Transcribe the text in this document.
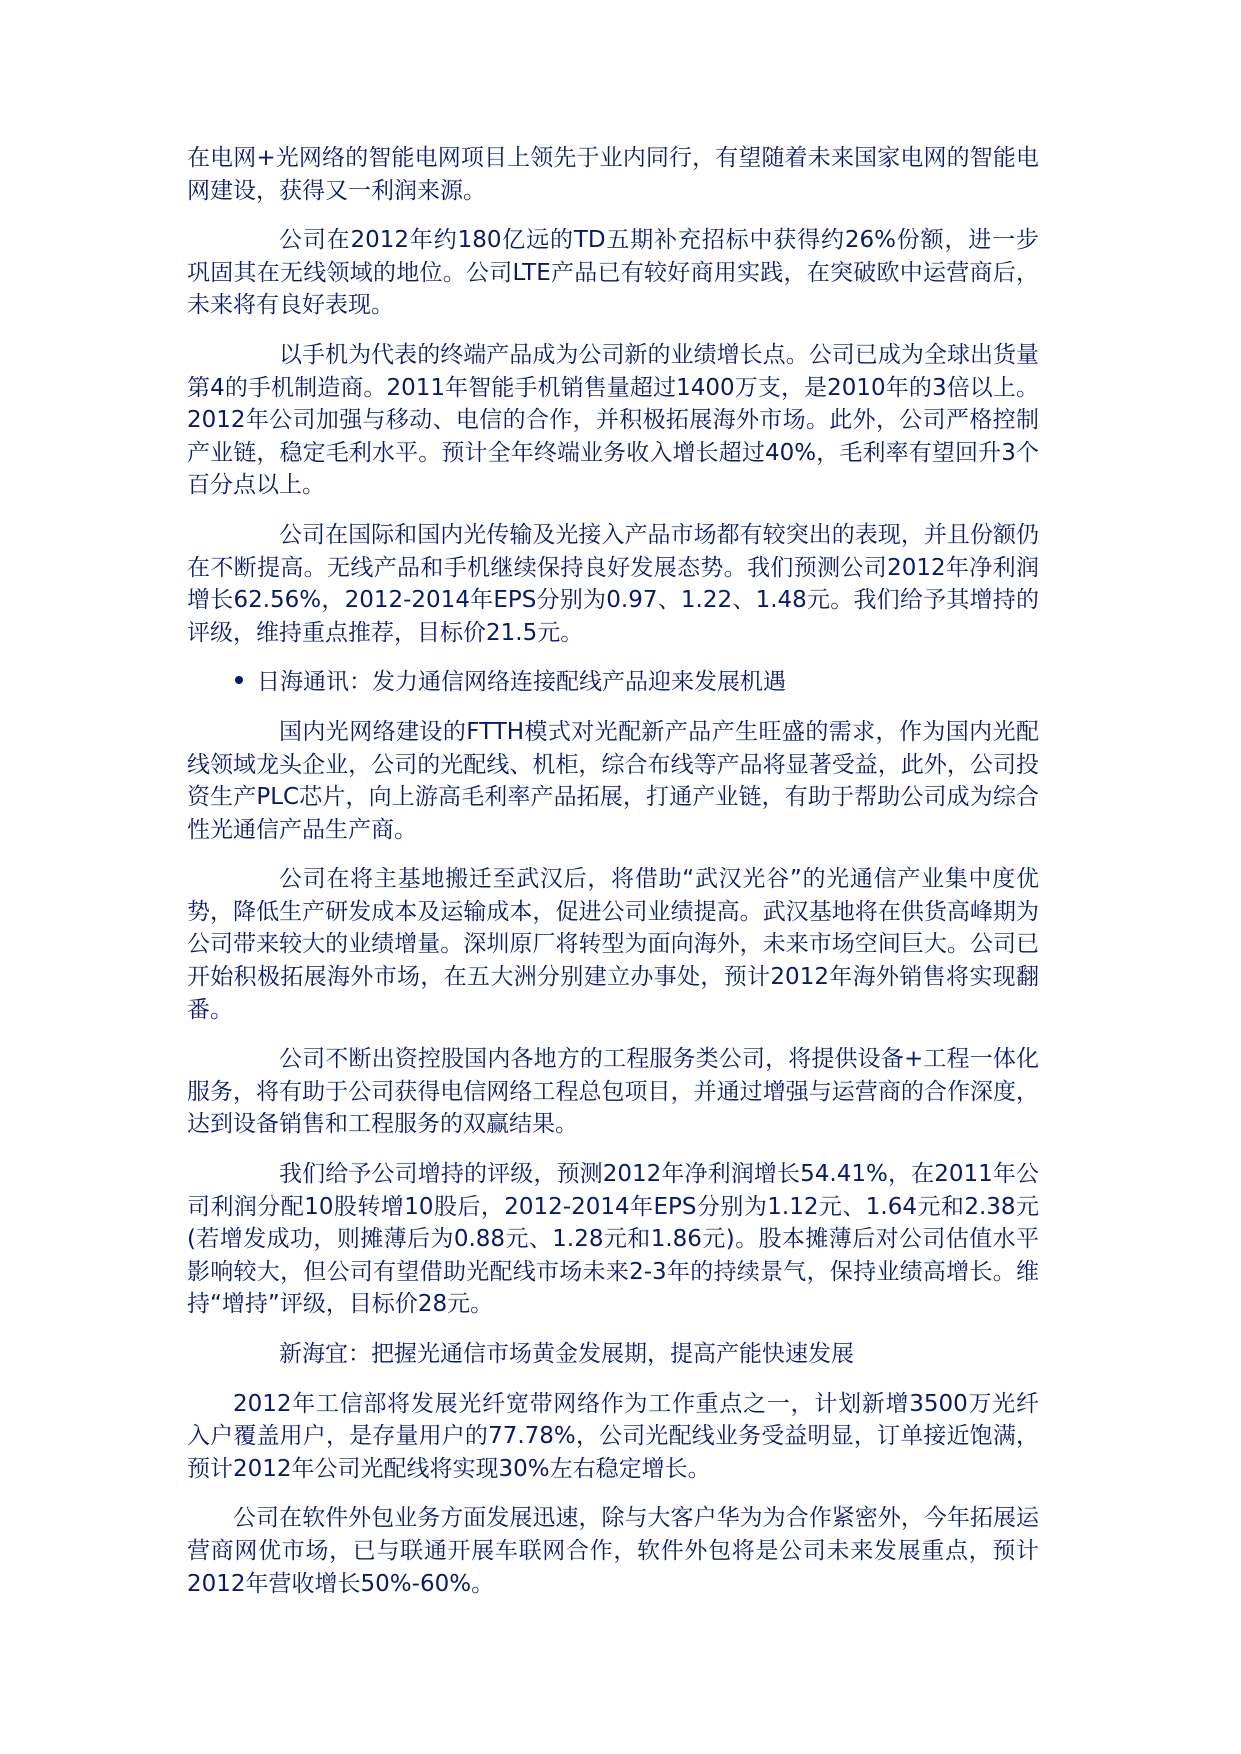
在电网+光网络的智能电网项目上领先于业内同行，有望随着未来国家电网的智能电网建设，获得又一利润来源。

公司在2012年约180亿远的TD五期补充招标中获得约26%份额，进一步巩固其在无线领域的地位。公司LTE产品已有较好商用实践，在突破欧中运营商后，未来将有良好表现。

以手机为代表的终端产品成为公司新的业绩增长点。公司已成为全球出货量第4的手机制造商。2011年智能手机销售量超过1400万支，是2010年的3倍以上。2012年公司加强与移动、电信的合作，并积极拓展海外市场。此外，公司严格控制产业链，稳定毛利水平。预计全年终端业务收入增长超过40%，毛利率有望回升3个百分点以上。

公司在国际和国内光传输及光接入产品市场都有较突出的表现，并且份额仍在不断提高。无线产品和手机继续保持良好发展态势。我们预测公司2012年净利润增长62.56%，2012-2014年EPS分别为0.97、1.22、1.48元。我们给予其增持的评级，维持重点推荐，目标价21.5元。

日海通讯：发力通信网络连接配线产品迎来发展机遇

国内光网络建设的FTTH模式对光配新产品产生旺盛的需求，作为国内光配线领域龙头企业，公司的光配线、机柜，综合布线等产品将显著受益，此外，公司投资生产PLC芯片，向上游高毛利率产品拓展，打通产业链，有助于帮助公司成为综合性光通信产品生产商。

公司在将主基地搬迁至武汉后，将借助“武汉光谷”的光通信产业集中度优势，降低生产研发成本及运输成本，促进公司业绩提高。武汉基地将在供货高峰期为公司带来较大的业绩增量。深圳原厂将转型为面向海外，未来市场空间巨大。公司已开始积极拓展海外市场，在五大洲分别建立办事处，预计2012年海外销售将实现翻番。

公司不断出资控股国内各地方的工程服务类公司，将提供设备+工程一体化服务，将有助于公司获得电信网络工程总包项目，并通过增强与运营商的合作深度，达到设备销售和工程服务的双赢结果。

我们给予公司增持的评级，预测2012年净利润增长54.41%，在2011年公司利润分配10股转增10股后，2012-2014年EPS分别为1.12元、1.64元和2.38元(若增发成功，则摊薄后为0.88元、1.28元和1.86元)。股本摊薄后对公司估值水平影响较大，但公司有望借助光配线市场未来2-3年的持续景气，保持业绩高增长。维持“增持”评级，目标价28元。

新海宜：把握光通信市场黄金发展期，提高产能快速发展

2012年工信部将发展光纤宽带网络作为工作重点之一，计划新增3500万光纤入户覆盖用户，是存量用户的77.78%，公司光配线业务受益明显，订单接近饱满，预计2012年公司光配线将实现30%左右稳定增长。

公司在软件外包业务方面发展迅速，除与大客户华为为合作紧密外，今年拓展运营商网优市场，已与联通开展车联网合作，软件外包将是公司未来发展重点，预计2012年营收增长50%-60%。
